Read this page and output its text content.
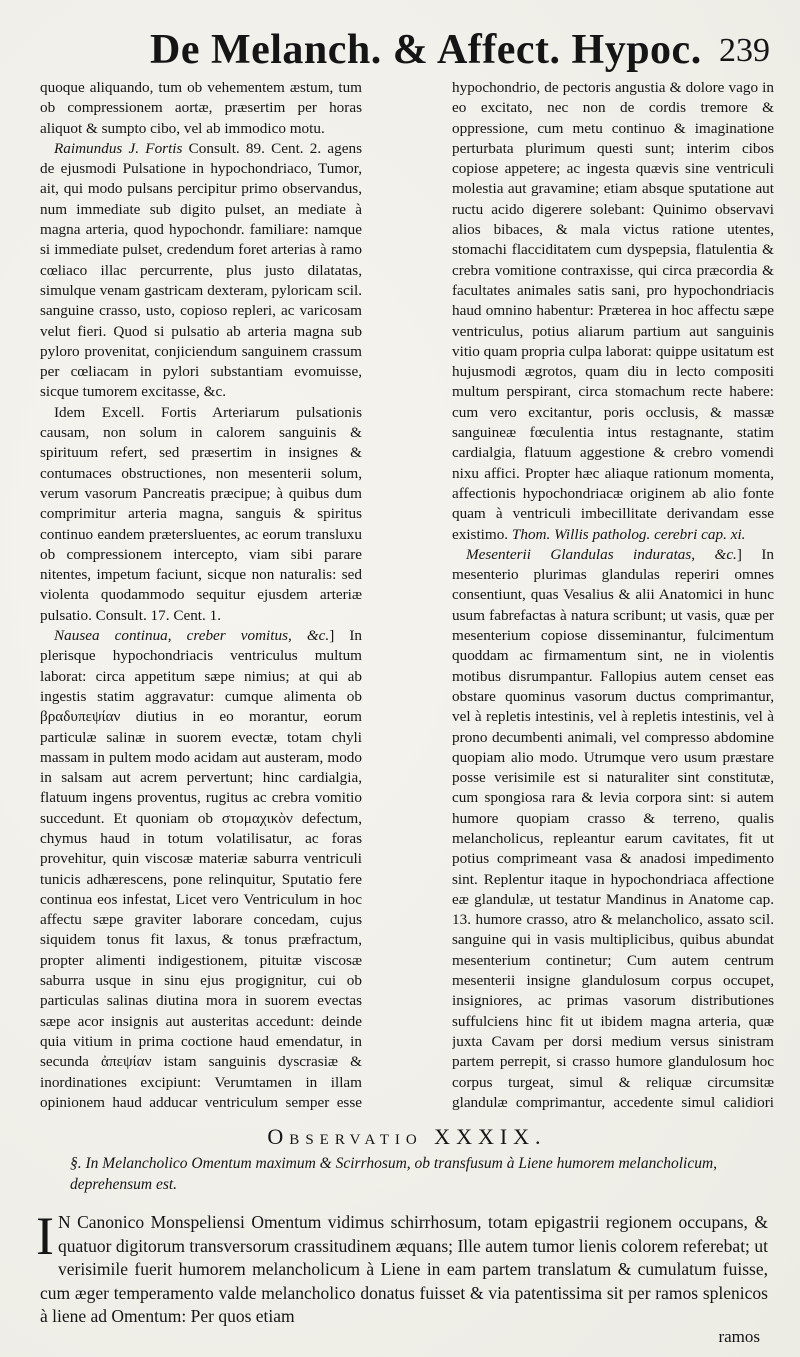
De Melanch. & Affect. Hypoc. 239

quoque aliquando, tum ob vehementem æstum, tum ob compressionem aortæ, præsertim per horas aliquot & sumpto cibo, vel ab immodico motu.

Raimundus J. Fortis Consult. 89. Cent. 2. agens de ejusmodi Pulsatione in hypochondriaco, Tumor, ait, qui modo pulsans percipitur primo observandus, num immediate sub digito pulset, an mediate à magna arteria, quod hypochondr. familiare: namque si immediate pulset, credendum foret arterias à ramo cœliaco illac percurrente, plus justo dilatatas, simulque venam gastricam dexteram, pyloricam scil. sanguine crasso, usto, copioso repleri, ac varicosam velut fieri. Quod si pulsatio ab arteria magna sub pyloro provenitat, conjiciendum sanguinem crassum per cœliacam in pylori substantiam evomuisse, sicque tumorem excitasse, &c.

Idem Excell. Fortis Arteriarum pulsationis causam, non solum in calorem sanguinis & spirituum refert, sed præsertim in insignes & contumaces obstructiones, non mesenterii solum, verum vasorum Pancreatis præcipue; à quibus dum comprimitur arteria magna, sanguis & spiritus continuo eandem prætersluentes, ac eorum transluxu ob compressionem intercepto, viam sibi parare nitentes, impetum faciunt, sicque non naturalis: sed violenta quodammodo sequitur ejusdem arteriæ pulsatio. Consult. 17. Cent. 1.

Nausea continua, creber vomitus, &c.] In plerisque hypochondriacis ventriculus multum laborat: circa appetitum sæpe nimius; at qui ab ingestis statim aggravatur: cumque alimenta ob βραδυπεψίαν diutius in eo morantur, eorum particulæ salinæ in suorem evectæ, totam chyli massam in pultem modo acidam aut austeram, modo in salsam aut acrem pervertunt; hinc cardialgia, flatuum ingens proventus, rugitus ac crebra vomitio succedunt. Et quoniam ob στομαχικὸν defectum, chymus haud in totum volatilisatur, ac foras provehitur, quin viscosæ materiæ saburra ventriculi tunicis adhærescens, pone relinquitur, Sputatio fere continua eos infestat, Licet vero Ventriculum in hoc affectu sæpe graviter laborare concedam, cujus siquidem tonus fit laxus, & tonus præfractum, propter alimenti indigestionem, pituitæ viscosæ saburra usque in sinu ejus progignitur, cui ob particulas salinas diutina mora in suorem evectas sæpe acor insignis aut austeritas accedunt: deinde quia vitium in prima coctione haud emendatur, in secunda ἀπεψίαν istam sanguinis dyscrasiæ & inordinationes excipiunt: Verumtamen in illam opinionem haud adducar ventriculum semper esse

hypochondrio, de pectoris angustia & dolore vago in eo excitato, nec non de cordis tremore & oppressione, cum metu continuo & imaginatione perturbata plurimum questi sunt; interim cibos copiose appetere; ac ingesta quævis sine ventriculi molestia aut gravamine; etiam absque sputatione aut ructu acido digerere solebant: Quinimo observavi alios bibaces, & mala victus ratione utentes, stomachi flacciditatem cum dyspepsia, flatulentia & crebra vomitione contraxisse, qui circa præcordia & facultates animales satis sani, pro hypochondriacis haud omnino habentur: Præterea in hoc affectu sæpe ventriculus, potius aliarum partium aut sanguinis vitio quam propria culpa laborat: quippe usitatum est hujusmodi ægrotos, quam diu in lecto compositi multum perspirant, circa stomachum recte habere: cum vero excitantur, poris occlusis, & massæ sanguineæ fœculentia intus restagnante, statim cardialgia, flatuum aggestione & crebro vomendi nixu affici. Propter hæc aliaque rationum momenta, affectionis hypochondriacæ originem ab alio fonte quam à ventriculi imbecillitate derivandam esse existimo. Thom. Willis patholog. cerebri cap. xi.

Mesenterii Glandulas induratas, &c.] In mesenterio plurimas glandulas reperiri omnes consentiunt, quas Vesalius & alii Anatomici in hunc usum fabrefactas à natura scribunt; ut vasis, quæ per mesenterium copiose disseminantur, fulcimentum quoddam ac firmamentum sint, ne in violentis motibus disrumpantur. Fallopius autem censet eas obstare quominus vasorum ductus comprimantur, vel à repletis intestinis, vel à repletis intestinis, vel à prono decumbenti animali, vel compresso abdomine quopiam alio modo. Utrumque vero usum præstare posse verisimile est si naturaliter sint constitutæ, cum spongiosa rara & levia corpora sint: si autem humore quopiam crasso & terreno, qualis melancholicus, repleantur earum cavitates, fit ut potius comprimeant vasa & anadosi impedimento sint. Replentur itaque in hypochondriaca affectione eæ glandulæ, ut testatur Mandinus in Anatome cap. 13. humore crasso, atro & melancholico, assato scil. sanguine qui in vasis multiplicibus, quibus abundat mesenterium continetur; Cum autem centrum mesenterii insigne glandulosum corpus occupet, insigniores, ac primas vasorum distributiones suffulciens hinc fit ut ibidem magna arteria, quæ juxta Cavam per dorsi medium versus sinistram partem perrepit, si crasso humore glandulosum hoc corpus turgeat, simul & reliquæ circumsitæ glandulæ comprimantur, accedente simul calidiori

Observatio XXXIX.
§. In Melancholico Omentum maximum & Scirrhosum, ob transfusum à Liene humorem melancholicum, deprehensum est.
I N Canonico Monspeliensi Omentum vidimus schirrhosum, totam epigastrii regionem occupans, & quatuor digitorum transversorum crassitudinem æquans; Ille autem tumor lienis colorem referebat; ut verisimile fuerit humorem melancholicum à Liene in eam partem translatum & cumulatum fuisse, cum æger temperamento valde melancholico donatus fuisset & via patentissima sit per ramos splenicos à liene ad Omentum: Per quos etiam
ramos
